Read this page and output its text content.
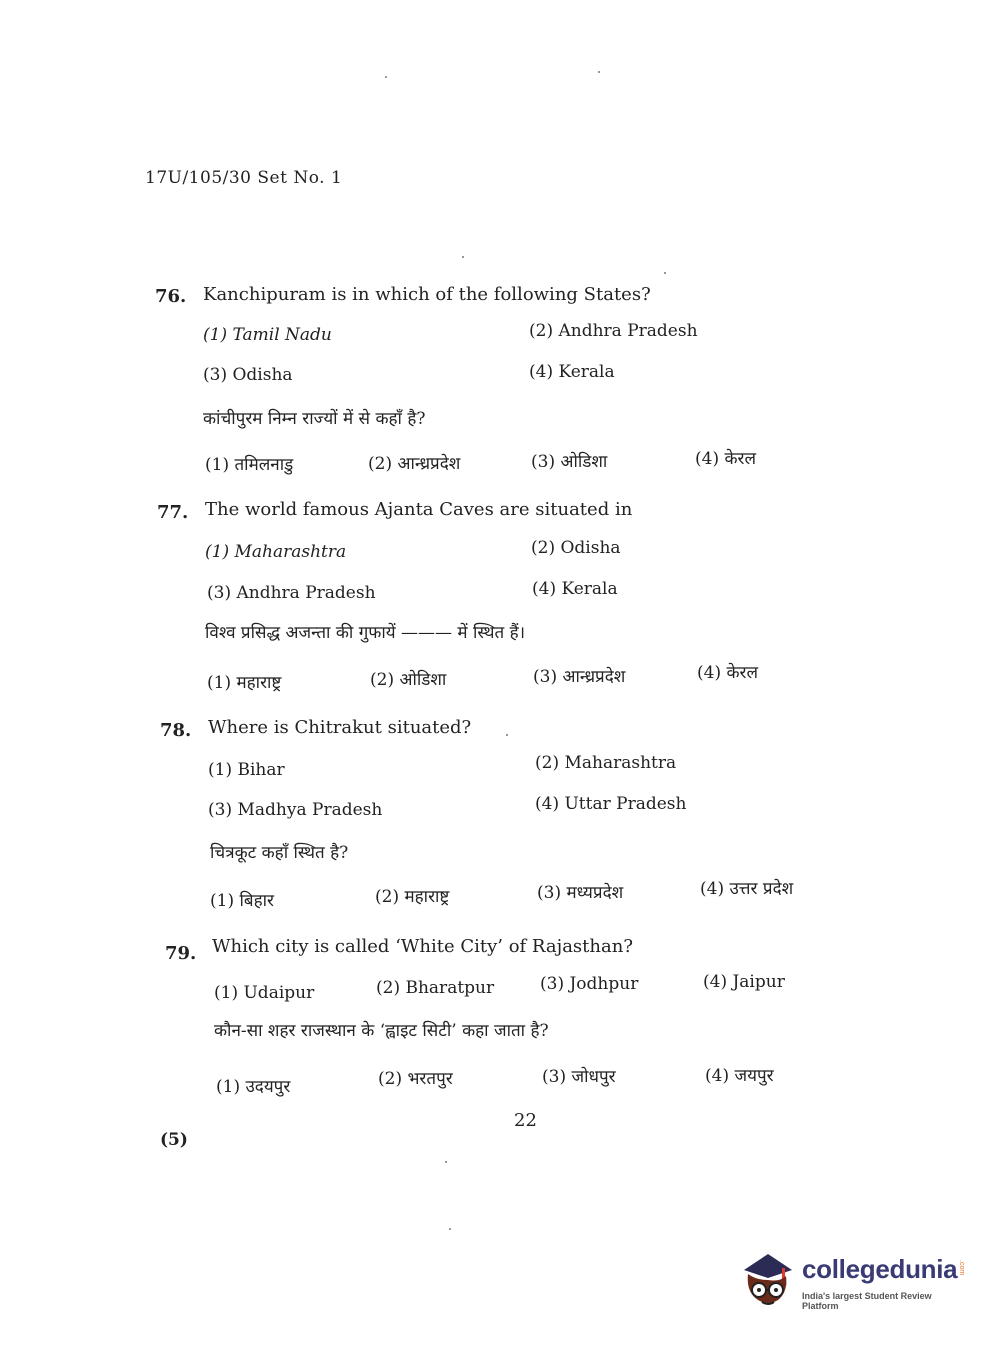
17U/105/30 Set No. 1
76. Kanchipuram is in which of the following States?
(1) Tamil Nadu	(2) Andhra Pradesh
(3) Odisha	(4) Kerala
कांचीपुरम निम्न राज्यों में से कहाँ है?
(1) तमिलनाडु	(2) आन्ध्रप्रदेश	(3) ओडिशा	(4) केरल
77. The world famous Ajanta Caves are situated in
(1) Maharashtra	(2) Odisha
(3) Andhra Pradesh	(4) Kerala
विश्व प्रसिद्ध अजन्ता की गुफायें ——— में स्थित हैं।
(1) महाराष्ट्र	(2) ओडिशा	(3) आन्ध्रप्रदेश	(4) केरल
78. Where is Chitrakut situated?
(1) Bihar	(2) Maharashtra
(3) Madhya Pradesh	(4) Uttar Pradesh
चित्रकूट कहाँ स्थित है?
(1) बिहार	(2) महाराष्ट्र	(3) मध्यप्रदेश	(4) उत्तर प्रदेश
79. Which city is called ‘White City’ of Rajasthan?
(1) Udaipur	(2) Bharatpur	(3) Jodhpur	(4) Jaipur
कौन-सा शहर राजस्थान के ‘ह्वाइट सिटी’ कहा जाता है?
(1) उदयपुर	(2) भरतपुर	(3) जोधपुर	(4) जयपुर
22
(5)
collegedunia .com
India's largest Student Review Platform
